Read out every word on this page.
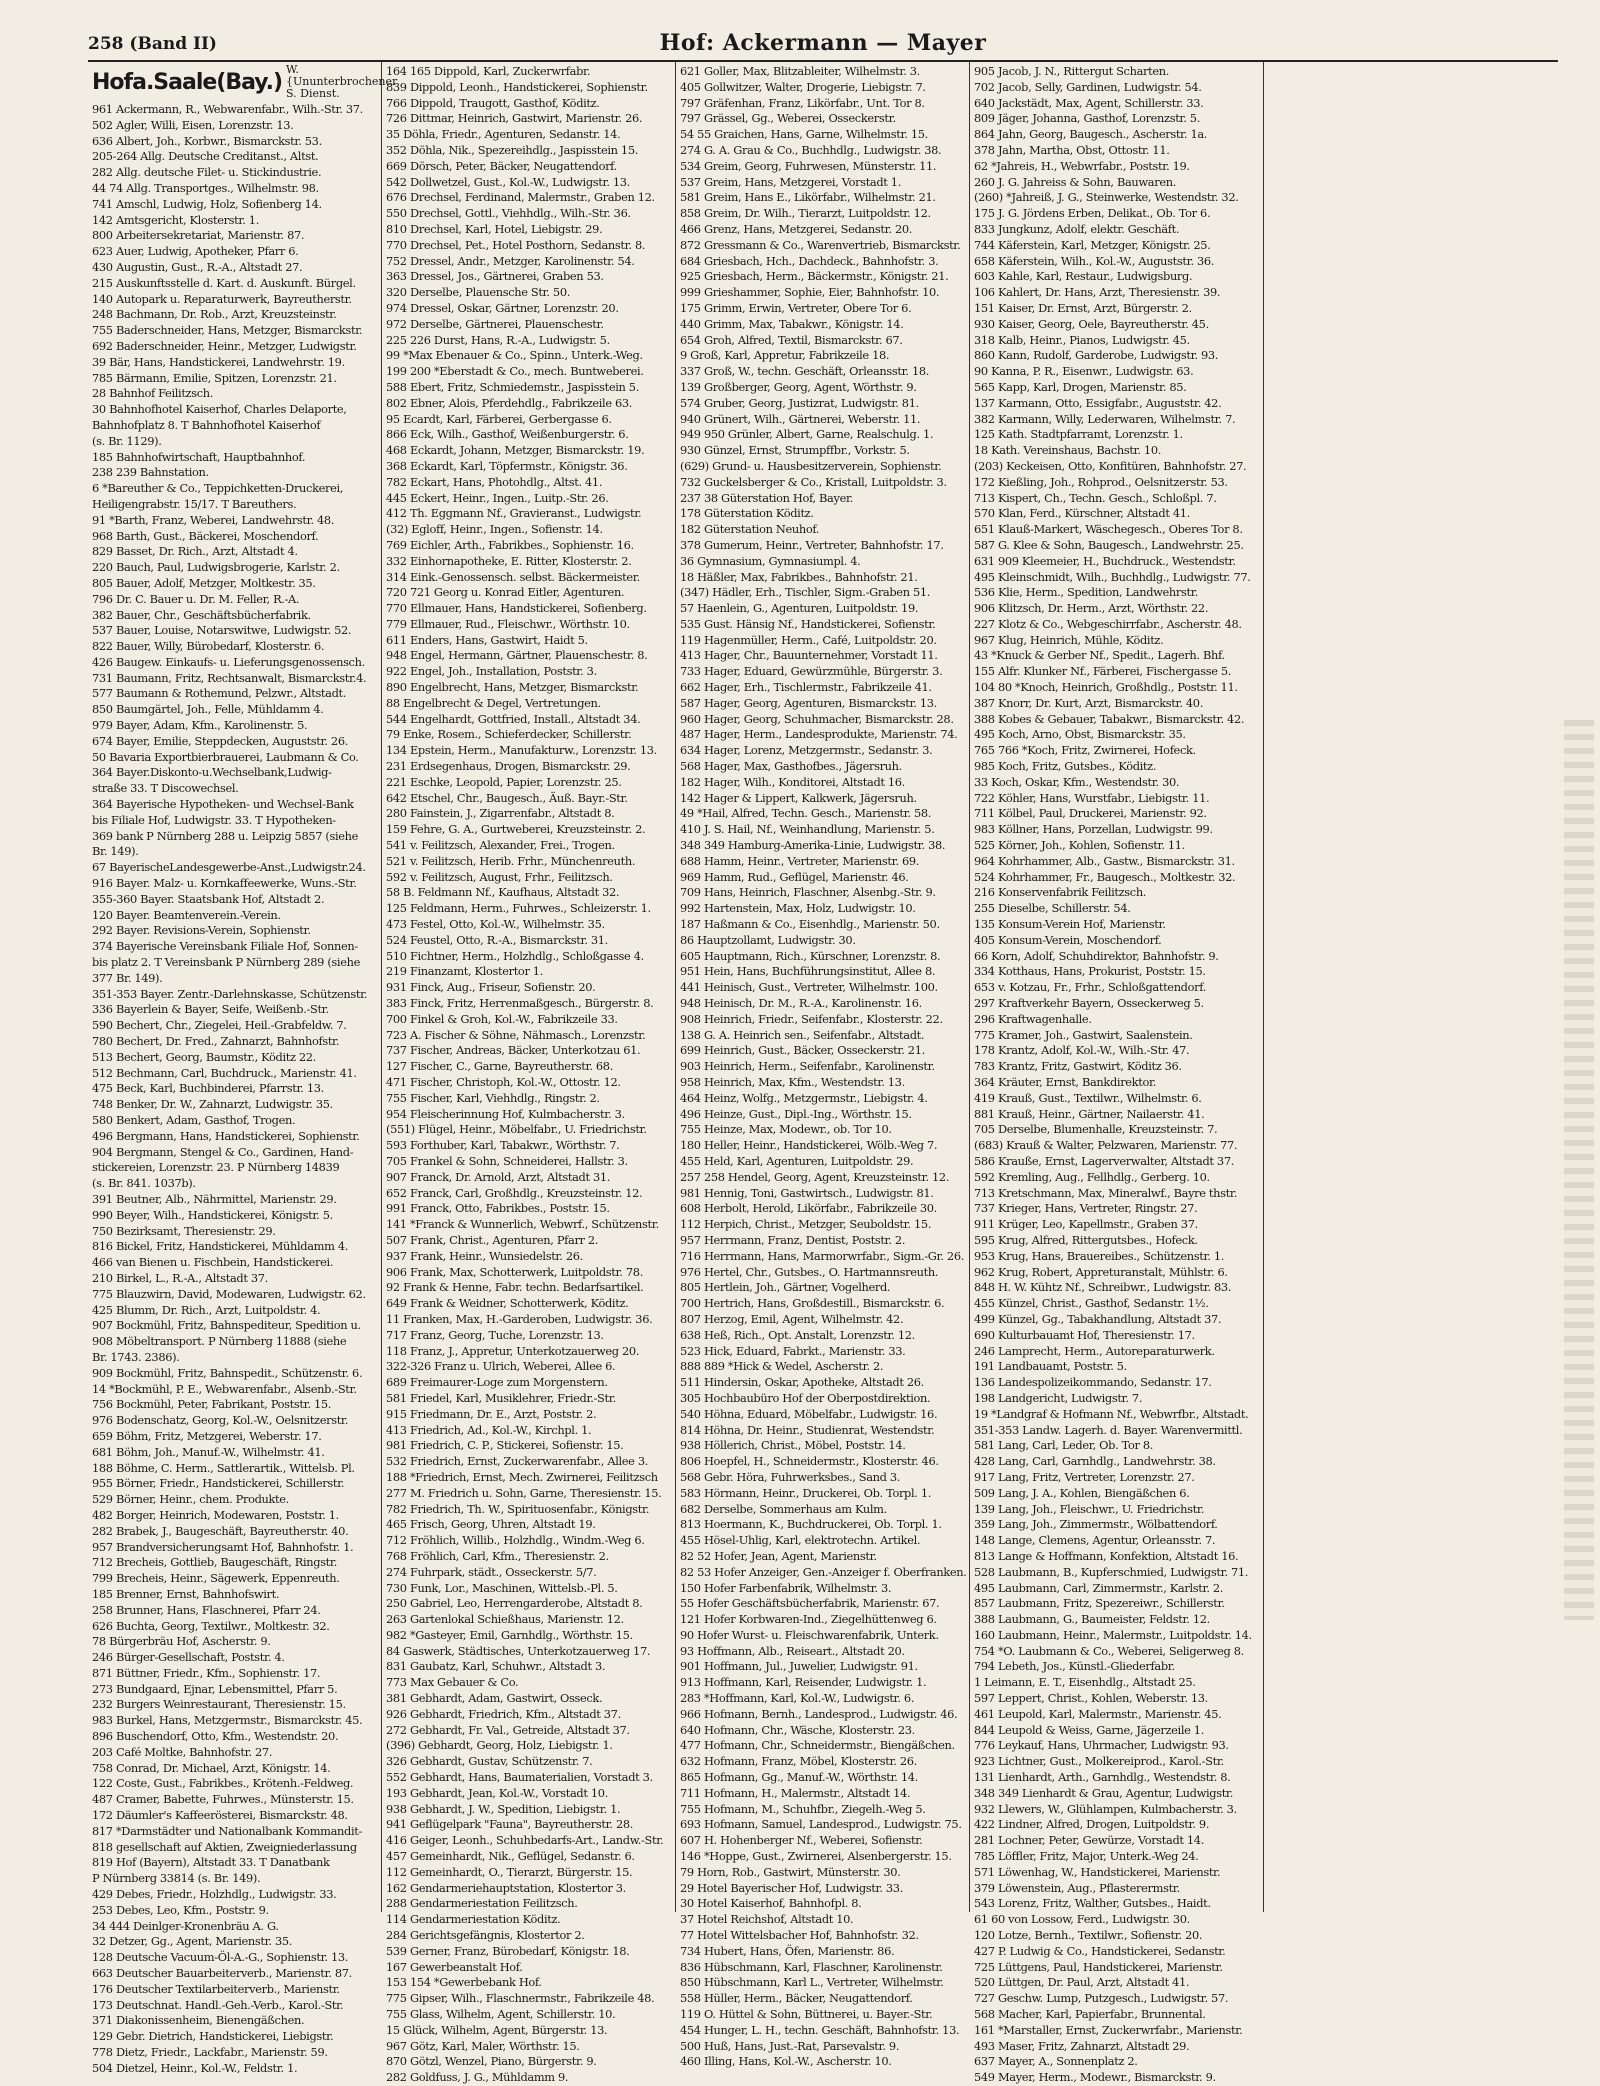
258 (Band II)	Hof: Ackermann — Mayer
Hofa.Saale(Bay.) W.{Ununterbrochener S. Dienst.
961 Ackermann, R., Webwarenfabr., Wilh.-Str. 37.
502 Agler, Willi, Eisen, Lorenzstr. 13.
636 Albert, Joh., Korbwr., Bismarckstr. 53.
205-264 Allg. Deutsche Creditanst., Altst.
282 Allg. deutsche Filet- u. Stickindustrie.
44 74 Allg. Transportges., Wilhelmstr. 98.
741 Amschl, Ludwig, Holz, Sofienberg 14.
142 Amtsgericht, Klosterstr. 1.
800 Arbeitersekretariat, Marienstr. 87.
623 Auer, Ludwig, Apotheker, Pfarr 6.
430 Augustin, Gust., R.-A., Altstadt 27.
215 Auskunftsstelle d. Kart. d. Auskunft. Bürgel.
140 Autopark u. Reparaturwerk, Bayreutherstr.
248 Bachmann, Dr. Rob., Arzt, Kreuzsteinstr.
755 Baderschneider, Hans, Metzger, Bismarckstr.
692 Baderschneider, Heinr., Metzger, Ludwigstr.
39 Bär, Hans, Handstickerei, Landwehrstr. 19.
785 Bärmann, Emilie, Spitzen, Lorenzstr. 21.
28 Bahnhof Feilitzsch.
30 Bahnhofhotel Kaiserhof, Charles Delaporte,
Bahnhofplatz 8. T Bahnhofhotel Kaiserhof
(s. Br. 1129).
185 Bahnhofwirtschaft, Hauptbahnhof.
238 239 Bahnstation.
6 *Bareuther & Co., Teppichketten-Druckerei,
Heiligengrabstr. 15/17. T Bareuthers.
91 *Barth, Franz, Weberei, Landwehrstr. 48.
968 Barth, Gust., Bäckerei, Moschendorf.
829 Basset, Dr. Rich., Arzt, Altstadt 4.
220 Bauch, Paul, Ludwigsbrogerie, Karlstr. 2.
805 Bauer, Adolf, Metzger, Moltkestr. 35.
796 Dr. C. Bauer u. Dr. M. Feller, R.-A.
382 Bauer, Chr., Geschäftsbücherfabrik.
537 Bauer, Louise, Notarswitwe, Ludwigstr. 52.
822 Bauer, Willy, Bürobedarf, Klosterstr. 6.
426 Baugew. Einkaufs- u. Lieferungsgenossensch.
731 Baumann, Fritz, Rechtsanwalt, Bismarckstr.4.
577 Baumann & Rothemund, Pelzwr., Altstadt.
850 Baumgärtel, Joh., Felle, Mühldamm 4.
979 Bayer, Adam, Kfm., Karolinenstr. 5.
674 Bayer, Emilie, Steppdecken, Auguststr. 26.
50 Bavaria Exportbierbrauerei, Laubmann & Co.
364 Bayer.Diskonto-u.Wechselbank,Ludwig-
straße 33. T Discowechsel.
364 Bayerische Hypotheken- und Wechsel-Bank
bis Filiale Hof, Ludwigstr. 33. T Hypotheken-
369 bank P Nürnberg 288 u. Leipzig 5857 (siehe
Br. 149).
67 BayerischeLandesgewerbe-Anst.,Ludwigstr.24.
916 Bayer. Malz- u. Kornkaffeewerke, Wuns.-Str.
355-360 Bayer. Staatsbank Hof, Altstadt 2.
120 Bayer. Beamtenverein.-Verein.
292 Bayer. Revisions-Verein, Sophienstr.
374 Bayerische Vereinsbank Filiale Hof, Sonnen-
bis platz 2. T Vereinsbank P Nürnberg 289 (siehe
377 Br. 149).
351-353 Bayer. Zentr.-Darlehnskasse, Schützenstr.
336 Bayerlein & Bayer, Seife, Weißenb.-Str.
590 Bechert, Chr., Ziegelei, Heil.-Grabfeldw. 7.
780 Bechert, Dr. Fred., Zahnarzt, Bahnhofstr.
513 Bechert, Georg, Baumstr., Köditz 22.
512 Bechmann, Carl, Buchdruck., Marienstr. 41.
475 Beck, Karl, Buchbinderei, Pfarrstr. 13.
748 Benker, Dr. W., Zahnarzt, Ludwigstr. 35.
580 Benkert, Adam, Gasthof, Trogen.
496 Bergmann, Hans, Handstickerei, Sophienstr.
904 Bergmann, Stengel & Co., Gardinen, Hand-
stickereien, Lorenzstr. 23. P Nürnberg 14839
(s. Br. 841. 1037b).
391 Beutner, Alb., Nährmittel, Marienstr. 29.
990 Beyer, Wilh., Handstickerei, Königstr. 5.
750 Bezirksamt, Theresienstr. 29.
816 Bickel, Fritz, Handstickerei, Mühldamm 4.
466 van Bienen u. Fischbein, Handstickerei.
210 Birkel, L., R.-A., Altstadt 37.
775 Blauzwirn, David, Modewaren, Ludwigstr. 62.
425 Blumm, Dr. Rich., Arzt, Luitpoldstr. 4.
907 Bockmühl, Fritz, Bahnspediteur, Spedition u.
908 Möbeltransport. P Nürnberg 11888 (siehe
Br. 1743. 2386).
909 Bockmühl, Fritz, Bahnspedit., Schützenstr. 6.
14 *Bockmühl, P. E., Webwarenfabr., Alsenb.-Str.
756 Bockmühl, Peter, Fabrikant, Poststr. 15.
976 Bodenschatz, Georg, Kol.-W., Oelsnitzerstr.
659 Böhm, Fritz, Metzgerei, Weberstr. 17.
681 Böhm, Joh., Manuf.-W., Wilhelmstr. 41.
188 Böhme, C. Herm., Sattlerartik., Wittelsb. Pl.
955 Börner, Friedr., Handstickerei, Schillerstr.
529 Börner, Heinr., chem. Produkte.
482 Borger, Heinrich, Modewaren, Poststr. 1.
282 Brabek, J., Baugeschäft, Bayreutherstr. 40.
957 Brandversicherungsamt Hof, Bahnhofstr. 1.
712 Brecheis, Gottlieb, Baugeschäft, Ringstr.
799 Brecheis, Heinr., Sägewerk, Eppenreuth.
185 Brenner, Ernst, Bahnhofswirt.
258 Brunner, Hans, Flaschnerei, Pfarr 24.
626 Buchta, Georg, Textilwr., Moltkestr. 32.
78 Bürgerbräu Hof, Ascherstr. 9.
246 Bürger-Gesellschaft, Poststr. 4.
871 Büttner, Friedr., Kfm., Sophienstr. 17.
273 Bundgaard, Ejnar, Lebensmittel, Pfarr 5.
232 Burgers Weinrestaurant, Theresienstr. 15.
983 Burkel, Hans, Metzgermstr., Bismarckstr. 45.
896 Buschendorf, Otto, Kfm., Westendstr. 20.
203 Café Moltke, Bahnhofstr. 27.
758 Conrad, Dr. Michael, Arzt, Königstr. 14.
122 Coste, Gust., Fabrikbes., Krötenh.-Feldweg.
487 Cramer, Babette, Fuhrwes., Münsterstr. 15.
172 Däumler's Kaffeerösterei, Bismarckstr. 48.
817 *Darmstädter und Nationalbank Kommandit-
818 gesellschaft auf Aktien, Zweigniederlassung
819 Hof (Bayern), Altstadt 33. T Danatbank
P Nürnberg 33814 (s. Br. 149).
429 Debes, Friedr., Holzhdlg., Ludwigstr. 33.
253 Debes, Leo, Kfm., Poststr. 9.
34 444 Deinlger-Kronenbräu A. G.
32 Detzer, Gg., Agent, Marienstr. 35.
128 Deutsche Vacuum-Öl-A.-G., Sophienstr. 13.
663 Deutscher Bauarbeiterverb., Marienstr. 87.
176 Deutscher Textilarbeiterverb., Marienstr.
173 Deutschnat. Handl.-Geh.-Verb., Karol.-Str.
371 Diakonissenheim, Bienengäßchen.
129 Gebr. Dietrich, Handstickerei, Liebigstr.
778 Dietz, Friedr., Lackfabr., Marienstr. 59.
504 Dietzel, Heinr., Kol.-W., Feldstr. 1.
164 165 Dippold, Karl, Zuckerwrfabr.
839 Dippold, Leonh., Handstickerei, Sophienstr.
766 Dippold, Traugott, Gasthof, Köditz.
726 Dittmar, Heinrich, Gastwirt, Marienstr. 26.
35 Döhla, Friedr., Agenturen, Sedanstr. 14.
352 Döhla, Nik., Spezereihdlg., Jaspisstein 15.
669 Dörsch, Peter, Bäcker, Neugattendorf.
542 Dollwetzel, Gust., Kol.-W., Ludwigstr. 13.
676 Drechsel, Ferdinand, Malermstr., Graben 12.
550 Drechsel, Gottl., Viehhdlg., Wilh.-Str. 36.
810 Drechsel, Karl, Hotel, Liebigstr. 29.
770 Drechsel, Pet., Hotel Posthorn, Sedanstr. 8.
752 Dressel, Andr., Metzger, Karolinenstr. 54.
363 Dressel, Jos., Gärtnerei, Graben 53.
320 Derselbe, Plauensche Str. 50.
974 Dressel, Oskar, Gärtner, Lorenzstr. 20.
972 Derselbe, Gärtnerei, Plauenschestr.
225 226 Durst, Hans, R.-A., Ludwigstr. 5.
99 *Max Ebenauer & Co., Spinn., Unterk.-Weg.
199 200 *Eberstadt & Co., mech. Buntweberei.
588 Ebert, Fritz, Schmiedemstr., Jaspisstein 5.
802 Ebner, Alois, Pferdehdlg., Fabrikzeile 63.
95 Ecardt, Karl, Färberei, Gerbergasse 6.
866 Eck, Wilh., Gasthof, Weißenburgerstr. 6.
468 Eckardt, Johann, Metzger, Bismarckstr. 19.
368 Eckardt, Karl, Töpfermstr., Königstr. 36.
782 Eckart, Hans, Photohdlg., Altst. 41.
445 Eckert, Heinr., Ingen., Luitp.-Str. 26.
412 Th. Eggmann Nf., Gravieranst., Ludwigstr.
(32) Egloff, Heinr., Ingen., Sofienstr. 14.
769 Eichler, Arth., Fabrikbes., Sophienstr. 16.
332 Einhornapotheke, E. Ritter, Klosterstr. 2.
314 Eink.-Genossensch. selbst. Bäckermeister.
720 721 Georg u. Konrad Eitler, Agenturen.
770 Ellmauer, Hans, Handstickerei, Sofienberg.
779 Ellmauer, Rud., Fleischwr., Wörthstr. 10.
611 Enders, Hans, Gastwirt, Haidt 5.
948 Engel, Hermann, Gärtner, Plauenschestr. 8.
922 Engel, Joh., Installation, Poststr. 3.
890 Engelbrecht, Hans, Metzger, Bismarckstr.
88 Engelbrecht & Degel, Vertretungen.
544 Engelhardt, Gottfried, Install., Altstadt 34.
79 Enke, Rosem., Schieferdecker, Schillerstr.
134 Epstein, Herm., Manufakturw., Lorenzstr. 13.
231 Erdsegenhaus, Drogen, Bismarckstr. 29.
221 Eschke, Leopold, Papier, Lorenzstr. 25.
642 Etschel, Chr., Baugesch., Äuß. Bayr.-Str.
280 Fainstein, J., Zigarrenfabr., Altstadt 8.
159 Fehre, G. A., Gurtweberei, Kreuzsteinstr. 2.
541 v. Feilitzsch, Alexander, Frei., Trogen.
521 v. Feilitzsch, Herib. Frhr., Münchenreuth.
592 v. Feilitzsch, August, Frhr., Feilitzsch.
58 B. Feldmann Nf., Kaufhaus, Altstadt 32.
125 Feldmann, Herm., Fuhrwes., Schleizerstr. 1.
473 Festel, Otto, Kol.-W., Wilhelmstr. 35.
524 Feustel, Otto, R.-A., Bismarckstr. 31.
510 Fichtner, Herm., Holzhdlg., Schloßgasse 4.
219 Finanzamt, Klostertor 1.
931 Finck, Aug., Friseur, Sofienstr. 20.
383 Finck, Fritz, Herrenmaßgesch., Bürgerstr. 8.
700 Finkel & Groh, Kol.-W., Fabrikzeile 33.
723 A. Fischer & Söhne, Nähmasch., Lorenzstr.
737 Fischer, Andreas, Bäcker, Unterkotzau 61.
127 Fischer, C., Garne, Bayreutherstr. 68.
471 Fischer, Christoph, Kol.-W., Ottostr. 12.
755 Fischer, Karl, Viehhdlg., Ringstr. 2.
954 Fleischerinnung Hof, Kulmbacherstr. 3.
(551) Flügel, Heinr., Möbelfabr., U. Friedrichstr.
593 Forthuber, Karl, Tabakwr., Wörthstr. 7.
705 Frankel & Sohn, Schneiderei, Hallstr. 3.
907 Franck, Dr. Arnold, Arzt, Altstadt 31.
652 Franck, Carl, Großhdlg., Kreuzsteinstr. 12.
991 Franck, Otto, Fabrikbes., Poststr. 15.
141 *Franck & Wunnerlich, Webwrf., Schützenstr.
507 Frank, Christ., Agenturen, Pfarr 2.
937 Frank, Heinr., Wunsiedelstr. 26.
906 Frank, Max, Schotterwerk, Luitpoldstr. 78.
92 Frank & Henne, Fabr. techn. Bedarfsartikel.
649 Frank & Weidner, Schotterwerk, Köditz.
11 Franken, Max, H.-Garderoben, Ludwigstr. 36.
717 Franz, Georg, Tuche, Lorenzstr. 13.
118 Franz, J., Appretur, Unterkotzauerweg 20.
322-326 Franz u. Ulrich, Weberei, Allee 6.
689 Freimaurer-Loge zum Morgenstern.
581 Friedel, Karl, Musiklehrer, Friedr.-Str.
915 Friedmann, Dr. E., Arzt, Poststr. 2.
413 Friedrich, Ad., Kol.-W., Kirchpl. 1.
981 Friedrich, C. P., Stickerei, Sofienstr. 15.
532 Friedrich, Ernst, Zuckerwarenfabr., Allee 3.
188 *Friedrich, Ernst, Mech. Zwirnerei, Feilitzsch
277 M. Friedrich u. Sohn, Garne, Theresienstr. 15.
782 Friedrich, Th. W., Spirituosenfabr., Königstr.
465 Frisch, Georg, Uhren, Altstadt 19.
712 Fröhlich, Willib., Holzhdlg., Windm.-Weg 6.
768 Fröhlich, Carl, Kfm., Theresienstr. 2.
274 Fuhrpark, städt., Osseckerstr. 5/7.
730 Funk, Lor., Maschinen, Wittelsb.-Pl. 5.
250 Gabriel, Leo, Herrengarderobe, Altstadt 8.
263 Gartenlokal Schießhaus, Marienstr. 12.
982 *Gasteyer, Emil, Garnhdlg., Wörthstr. 15.
84 Gaswerk, Städtisches, Unterkotzauerweg 17.
831 Gaubatz, Karl, Schuhwr., Altstadt 3.
773 Max Gebauer & Co.
381 Gebhardt, Adam, Gastwirt, Osseck.
926 Gebhardt, Friedrich, Kfm., Altstadt 37.
272 Gebhardt, Fr. Val., Getreide, Altstadt 37.
(396) Gebhardt, Georg, Holz, Liebigstr. 1.
326 Gebhardt, Gustav, Schützenstr. 7.
552 Gebhardt, Hans, Baumaterialien, Vorstadt 3.
193 Gebhardt, Jean, Kol.-W., Vorstadt 10.
938 Gebhardt, J. W., Spedition, Liebigstr. 1.
941 Geflügelpark "Fauna", Bayreutherstr. 28.
416 Geiger, Leonh., Schuhbedarfs-Art., Landw.-Str.
457 Gemeinhardt, Nik., Geflügel, Sedanstr. 6.
112 Gemeinhardt, O., Tierarzt, Bürgerstr. 15.
162 Gendarmeriehauptstation, Klostertor 3.
288 Gendarmeriestation Feilitzsch.
114 Gendarmeriestation Köditz.
284 Gerichtsgefängnis, Klostertor 2.
539 Gerner, Franz, Bürobedarf, Königstr. 18.
167 Gewerbeanstalt Hof.
153 154 *Gewerbebank Hof.
775 Gipser, Wilh., Flaschnermstr., Fabrikzeile 48.
755 Glass, Wilhelm, Agent, Schillerstr. 10.
15 Glück, Wilhelm, Agent, Bürgerstr. 13.
967 Götz, Karl, Maler, Wörthstr. 15.
870 Götzl, Wenzel, Piano, Bürgerstr. 9.
282 Goldfuss, J. G., Mühldamm 9.
621 Goller, Max, Blitzableiter, Wilhelmstr. 3.
405 Gollwitzer, Walter, Drogerie, Liebigstr. 7.
797 Gräfenhan, Franz, Likörfabr., Unt. Tor 8.
797 Grässel, Gg., Weberei, Osseckerstr.
54 55 Graichen, Hans, Garne, Wilhelmstr. 15.
274 G. A. Grau & Co., Buchhdlg., Ludwigstr. 38.
534 Greim, Georg, Fuhrwesen, Münsterstr. 11.
537 Greim, Hans, Metzgerei, Vorstadt 1.
581 Greim, Hans E., Likörfabr., Wilhelmstr. 21.
858 Greim, Dr. Wilh., Tierarzt, Luitpoldstr. 12.
466 Grenz, Hans, Metzgerei, Sedanstr. 20.
872 Gressmann & Co., Warenvertrieb, Bismarckstr.
684 Griesbach, Hch., Dachdeck., Bahnhofstr. 3.
925 Griesbach, Herm., Bäckermstr., Königstr. 21.
999 Grieshammer, Sophie, Eier, Bahnhofstr. 10.
175 Grimm, Erwin, Vertreter, Obere Tor 6.
440 Grimm, Max, Tabakwr., Königstr. 14.
654 Groh, Alfred, Textil, Bismarckstr. 67.
9 Groß, Karl, Appretur, Fabrikzeile 18.
337 Groß, W., techn. Geschäft, Orleansstr. 18.
139 Großberger, Georg, Agent, Wörthstr. 9.
574 Gruber, Georg, Justizrat, Ludwigstr. 81.
940 Grünert, Wilh., Gärtnerei, Weberstr. 11.
949 950 Grünler, Albert, Garne, Realschulg. 1.
930 Günzel, Ernst, Strumpffbr., Vorkstr. 5.
(629) Grund- u. Hausbesitzerverein, Sophienstr.
732 Guckelsberger & Co., Kristall, Luitpoldstr. 3.
237 38 Güterstation Hof, Bayer.
178 Güterstation Köditz.
182 Güterstation Neuhof.
378 Gumerum, Heinr., Vertreter, Bahnhofstr. 17.
36 Gymnasium, Gymnasiumpl. 4.
18 Häßler, Max, Fabrikbes., Bahnhofstr. 21.
(347) Hädler, Erh., Tischler, Sigm.-Graben 51.
57 Haenlein, G., Agenturen, Luitpoldstr. 19.
535 Gust. Hänsig Nf., Handstickerei, Sofienstr.
119 Hagenmüller, Herm., Café, Luitpoldstr. 20.
413 Hager, Chr., Bauunternehmer, Vorstadt 11.
733 Hager, Eduard, Gewürzmühle, Bürgerstr. 3.
662 Hager, Erh., Tischlermstr., Fabrikzeile 41.
587 Hager, Georg, Agenturen, Bismarckstr. 13.
960 Hager, Georg, Schuhmacher, Bismarckstr. 28.
487 Hager, Herm., Landesprodukte, Marienstr. 74.
634 Hager, Lorenz, Metzgermstr., Sedanstr. 3.
568 Hager, Max, Gasthofbes., Jägersruh.
182 Hager, Wilh., Konditorei, Altstadt 16.
142 Hager & Lippert, Kalkwerk, Jägersruh.
49 *Hail, Alfred, Techn. Gesch., Marienstr. 58.
410 J. S. Hail, Nf., Weinhandlung, Marienstr. 5.
348 349 Hamburg-Amerika-Linie, Ludwigstr. 38.
688 Hamm, Heinr., Vertreter, Marienstr. 69.
969 Hamm, Rud., Geflügel, Marienstr. 46.
709 Hans, Heinrich, Flaschner, Alsenbg.-Str. 9.
992 Hartenstein, Max, Holz, Ludwigstr. 10.
187 Haßmann & Co., Eisenhdlg., Marienstr. 50.
86 Hauptzollamt, Ludwigstr. 30.
605 Hauptmann, Rich., Kürschner, Lorenzstr. 8.
951 Hein, Hans, Buchführungsinstitut, Allee 8.
441 Heinisch, Gust., Vertreter, Wilhelmstr. 100.
948 Heinisch, Dr. M., R.-A., Karolinenstr. 16.
908 Heinrich, Friedr., Seifenfabr., Klosterstr. 22.
138 G. A. Heinrich sen., Seifenfabr., Altstadt.
699 Heinrich, Gust., Bäcker, Osseckerstr. 21.
903 Heinrich, Herm., Seifenfabr., Karolinenstr.
958 Heinrich, Max, Kfm., Westendstr. 13.
464 Heinz, Wolfg., Metzgermstr., Liebigstr. 4.
496 Heinze, Gust., Dipl.-Ing., Wörthstr. 15.
755 Heinze, Max, Modewr., ob. Tor 10.
180 Heller, Heinr., Handstickerei, Wölb.-Weg 7.
455 Held, Karl, Agenturen, Luitpoldstr. 29.
257 258 Hendel, Georg, Agent, Kreuzsteinstr. 12.
981 Hennig, Toni, Gastwirtsch., Ludwigstr. 81.
608 Herbolt, Herold, Likörfabr., Fabrikzeile 30.
112 Herpich, Christ., Metzger, Seuboldstr. 15.
957 Herrmann, Franz, Dentist, Poststr. 2.
716 Herrmann, Hans, Marmorwrfabr., Sigm.-Gr. 26.
976 Hertel, Chr., Gutsbes., O. Hartmannsreuth.
805 Hertlein, Joh., Gärtner, Vogelherd.
700 Hertrich, Hans, Großdestill., Bismarckstr. 6.
807 Herzog, Emil, Agent, Wilhelmstr. 42.
638 Heß, Rich., Opt. Anstalt, Lorenzstr. 12.
523 Hick, Eduard, Fabrkt., Marienstr. 33.
888 889 *Hick & Wedel, Ascherstr. 2.
511 Hindersin, Oskar, Apotheke, Altstadt 26.
305 Hochbaubüro Hof der Oberpostdirektion.
540 Höhna, Eduard, Möbelfabr., Ludwigstr. 16.
814 Höhna, Dr. Heinr., Studienrat, Westendstr.
938 Höllerich, Christ., Möbel, Poststr. 14.
806 Hoepfel, H., Schneidermstr., Klosterstr. 46.
568 Gebr. Höra, Fuhrwerksbes., Sand 3.
583 Hörmann, Heinr., Druckerei, Ob. Torpl. 1.
682 Derselbe, Sommerhaus am Kulm.
813 Hoermann, K., Buchdruckerei, Ob. Torpl. 1.
455 Hösel-Uhlig, Karl, elektrotechn. Artikel.
82 52 Hofer, Jean, Agent, Marienstr.
82 53 Hofer Anzeiger, Gen.-Anzeiger f. Oberfranken.
150 Hofer Farbenfabrik, Wilhelmstr. 3.
55 Hofer Geschäftsbücherfabrik, Marienstr. 67.
121 Hofer Korbwaren-Ind., Ziegelhüttenweg 6.
90 Hofer Wurst- u. Fleischwarenfabrik, Unterk.
93 Hoffmann, Alb., Reiseart., Altstadt 20.
901 Hoffmann, Jul., Juwelier, Ludwigstr. 91.
913 Hoffmann, Karl, Reisender, Ludwigstr. 1.
283 *Hoffmann, Karl, Kol.-W., Ludwigstr. 6.
966 Hofmann, Bernh., Landesprod., Ludwigstr. 46.
640 Hofmann, Chr., Wäsche, Klosterstr. 23.
477 Hofmann, Chr., Schneidermstr., Biengäßchen.
632 Hofmann, Franz, Möbel, Klosterstr. 26.
865 Hofmann, Gg., Manuf.-W., Wörthstr. 14.
711 Hofmann, H., Malermstr., Altstadt 14.
755 Hofmann, M., Schuhfbr., Ziegelh.-Weg 5.
693 Hofmann, Samuel, Landesprod., Ludwigstr. 75.
607 H. Hohenberger Nf., Weberei, Sofienstr.
146 *Hoppe, Gust., Zwirnerei, Alsenbergerstr. 15.
79 Horn, Rob., Gastwirt, Münsterstr. 30.
29 Hotel Bayerischer Hof, Ludwigstr. 33.
30 Hotel Kaiserhof, Bahnhofpl. 8.
37 Hotel Reichshof, Altstadt 10.
77 Hotel Wittelsbacher Hof, Bahnhofstr. 32.
734 Hubert, Hans, Öfen, Marienstr. 86.
836 Hübschmann, Karl, Flaschner, Karolinenstr.
850 Hübschmann, Karl L., Vertreter, Wilhelmstr.
558 Hüller, Herm., Bäcker, Neugattendorf.
119 O. Hüttel & Sohn, Büttnerei, u. Bayer.-Str.
454 Hunger, L. H., techn. Geschäft, Bahnhofstr. 13.
500 Huß, Hans, Just.-Rat, Parsevalstr. 9.
460 Illing, Hans, Kol.-W., Ascherstr. 10.
905 Jacob, J. N., Rittergut Scharten.
702 Jacob, Selly, Gardinen, Ludwigstr. 54.
640 Jackstädt, Max, Agent, Schillerstr. 33.
809 Jäger, Johanna, Gasthof, Lorenzstr. 5.
864 Jahn, Georg, Baugesch., Ascherstr. 1a.
378 Jahn, Martha, Obst, Ottostr. 11.
62 *Jahreis, H., Webwrfabr., Poststr. 19.
260 J. G. Jahreiss & Sohn, Bauwaren.
(260) *Jahreiß, J. G., Steinwerke, Westendstr. 32.
175 J. G. Jördens Erben, Delikat., Ob. Tor 6.
833 Jungkunz, Adolf, elektr. Geschäft.
744 Käferstein, Karl, Metzger, Königstr. 25.
658 Käferstein, Wilh., Kol.-W., Auguststr. 36.
603 Kahle, Karl, Restaur., Ludwigsburg.
106 Kahlert, Dr. Hans, Arzt, Theresienstr. 39.
151 Kaiser, Dr. Ernst, Arzt, Bürgerstr. 2.
930 Kaiser, Georg, Oele, Bayreutherstr. 45.
318 Kalb, Heinr., Pianos, Ludwigstr. 45.
860 Kann, Rudolf, Garderobe, Ludwigstr. 93.
90 Kanna, P. R., Eisenwr., Ludwigstr. 63.
565 Kapp, Karl, Drogen, Marienstr. 85.
137 Karmann, Otto, Essigfabr., Auguststr. 42.
382 Karmann, Willy, Lederwaren, Wilhelmstr. 7.
125 Kath. Stadtpfarramt, Lorenzstr. 1.
18 Kath. Vereinshaus, Bachstr. 10.
(203) Keckeisen, Otto, Konfitüren, Bahnhofstr. 27.
172 Kießling, Joh., Rohprod., Oelsnitzerstr. 53.
713 Kispert, Ch., Techn. Gesch., Schloßpl. 7.
570 Klan, Ferd., Kürschner, Altstadt 41.
651 Klauß-Markert, Wäschegesch., Oberes Tor 8.
587 G. Klee & Sohn, Baugesch., Landwehrstr. 25.
631 909 Kleemeier, H., Buchdruck., Westendstr.
495 Kleinschmidt, Wilh., Buchhdlg., Ludwigstr. 77.
536 Klie, Herm., Spedition, Landwehrstr.
906 Klitzsch, Dr. Herm., Arzt, Wörthstr. 22.
227 Klotz & Co., Webgeschirrfabr., Ascherstr. 48.
967 Klug, Heinrich, Mühle, Köditz.
43 *Knuck & Gerber Nf., Spedit., Lagerh. Bhf.
155 Alfr. Klunker Nf., Färberei, Fischergasse 5.
104 80 *Knoch, Heinrich, Großhdlg., Poststr. 11.
387 Knorr, Dr. Kurt, Arzt, Bismarckstr. 40.
388 Kobes & Gebauer, Tabakwr., Bismarckstr. 42.
495 Koch, Arno, Obst, Bismarckstr. 35.
765 766 *Koch, Fritz, Zwirnerei, Hofeck.
985 Koch, Fritz, Gutsbes., Köditz.
33 Koch, Oskar, Kfm., Westendstr. 30.
722 Köhler, Hans, Wurstfabr., Liebigstr. 11.
711 Kölbel, Paul, Druckerei, Marienstr. 92.
983 Köllner, Hans, Porzellan, Ludwigstr. 99.
525 Körner, Joh., Kohlen, Sofienstr. 11.
964 Kohrhammer, Alb., Gastw., Bismarckstr. 31.
524 Kohrhammer, Fr., Baugesch., Moltkestr. 32.
216 Konservenfabrik Feilitzsch.
255 Dieselbe, Schillerstr. 54.
135 Konsum-Verein Hof, Marienstr.
405 Konsum-Verein, Moschendorf.
66 Korn, Adolf, Schuhdirektor, Bahnhofstr. 9.
334 Kotthaus, Hans, Prokurist, Poststr. 15.
653 v. Kotzau, Fr., Frhr., Schloßgattendorf.
297 Kraftverkehr Bayern, Osseckerweg 5.
296 Kraftwagenhalle.
775 Kramer, Joh., Gastwirt, Saalenstein.
178 Krantz, Adolf, Kol.-W., Wilh.-Str. 47.
783 Krantz, Fritz, Gastwirt, Köditz 36.
364 Kräuter, Ernst, Bankdirektor.
419 Krauß, Gust., Textilwr., Wilhelmstr. 6.
881 Krauß, Heinr., Gärtner, Nailaerstr. 41.
705 Derselbe, Blumenhalle, Kreuzsteinstr. 7.
(683) Krauß & Walter, Pelzwaren, Marienstr. 77.
586 Krauße, Ernst, Lagerverwalter, Altstadt 37.
592 Kremling, Aug., Fellhdlg., Gerberg. 10.
713 Kretschmann, Max, Mineralwf., Bayre thstr.
737 Krieger, Hans, Vertreter, Ringstr. 27.
911 Krüger, Leo, Kapellmstr., Graben 37.
595 Krug, Alfred, Rittergutsbes., Hofeck.
953 Krug, Hans, Brauereibes., Schützenstr. 1.
962 Krug, Robert, Appreturanstalt, Mühlstr. 6.
848 H. W. Kühtz Nf., Schreibwr., Ludwigstr. 83.
455 Künzel, Christ., Gasthof, Sedanstr. 1½.
499 Künzel, Gg., Tabakhandlung, Altstadt 37.
690 Kulturbauamt Hof, Theresienstr. 17.
246 Lamprecht, Herm., Autoreparaturwerk.
191 Landbauamt, Poststr. 5.
136 Landespolizeikommando, Sedanstr. 17.
198 Landgericht, Ludwigstr. 7.
19 *Landgraf & Hofmann Nf., Webwrfbr., Altstadt.
351-353 Landw. Lagerh. d. Bayer. Warenvermittl.
581 Lang, Carl, Leder, Ob. Tor 8.
428 Lang, Carl, Garnhdlg., Landwehrstr. 38.
917 Lang, Fritz, Vertreter, Lorenzstr. 27.
509 Lang, J. A., Kohlen, Biengäßchen 6.
139 Lang, Joh., Fleischwr., U. Friedrichstr.
359 Lang, Joh., Zimmermstr., Wölbattendorf.
148 Lange, Clemens, Agentur, Orleansstr. 7.
813 Lange & Hoffmann, Konfektion, Altstadt 16.
528 Laubmann, B., Kupferschmied, Ludwigstr. 71.
495 Laubmann, Carl, Zimmermstr., Karlstr. 2.
857 Laubmann, Fritz, Spezereiwr., Schillerstr.
388 Laubmann, G., Baumeister, Feldstr. 12.
160 Laubmann, Heinr., Malermstr., Luitpoldstr. 14.
754 *O. Laubmann & Co., Weberei, Seligerweg 8.
794 Lebeth, Jos., Künstl.-Gliederfabr.
1 Leimann, E. T., Eisenhdlg., Altstadt 25.
597 Leppert, Christ., Kohlen, Weberstr. 13.
461 Leupold, Karl, Malermstr., Marienstr. 45.
844 Leupold & Weiss, Garne, Jägerzeile 1.
776 Leykauf, Hans, Uhrmacher, Ludwigstr. 93.
923 Lichtner, Gust., Molkereiprod., Karol.-Str.
131 Lienhardt, Arth., Garnhdlg., Westendstr. 8.
348 349 Lienhardt & Grau, Agentur, Ludwigstr.
932 Llewers, W., Glühlampen, Kulmbacherstr. 3.
422 Lindner, Alfred, Drogen, Luitpoldstr. 9.
281 Lochner, Peter, Gewürze, Vorstadt 14.
785 Löffler, Fritz, Major, Unterk.-Weg 24.
571 Löwenhag, W., Handstickerei, Marienstr.
379 Löwenstein, Aug., Pflasterermstr.
543 Lorenz, Fritz, Walther, Gutsbes., Haidt.
61 60 von Lossow, Ferd., Ludwigstr. 30.
120 Lotze, Bernh., Textilwr., Sofienstr. 20.
427 P. Ludwig & Co., Handstickerei, Sedanstr.
725 Lüttgens, Paul, Handstickerei, Marienstr.
520 Lüttgen, Dr. Paul, Arzt, Altstadt 41.
727 Geschw. Lump, Putzgesch., Ludwigstr. 57.
568 Macher, Karl, Papierfabr., Brunnental.
161 *Marstaller, Ernst, Zuckerwrfabr., Marienstr.
493 Maser, Fritz, Zahnarzt, Altstadt 29.
637 Mayer, A., Sonnenplatz 2.
549 Mayer, Herm., Modewr., Bismarckstr. 9.
